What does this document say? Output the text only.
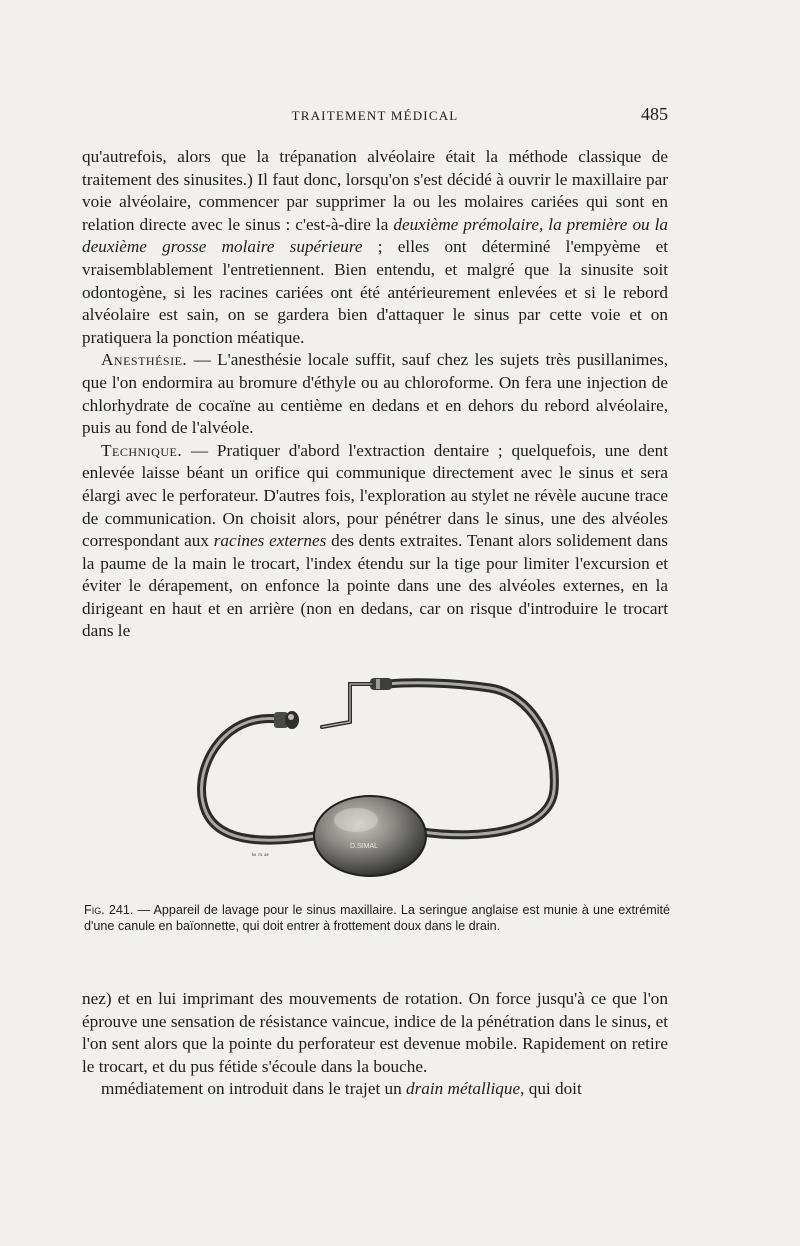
TRAITEMENT MÉDICAL	485

qu'autrefois, alors que la trépanation alvéolaire était la méthode classique de traitement des sinusites.) Il faut donc, lorsqu'on s'est décidé à ouvrir le maxillaire par voie alvéolaire, commencer par supprimer la ou les molaires cariées qui sont en relation directe avec le sinus : c'est-à-dire la deuxième prémolaire, la première ou la deuxième grosse molaire supérieure ; elles ont déterminé l'empyème et vraisemblablement l'entretiennent. Bien entendu, et malgré que la sinusite soit odontogène, si les racines cariées ont été antérieurement enlevées et si le rebord alvéolaire est sain, on se gardera bien d'attaquer le sinus par cette voie et on pratiquera la ponction méatique.

Anesthésie. — L'anesthésie locale suffit, sauf chez les sujets très pusillanimes, que l'on endormira au bromure d'éthyle ou au chloroforme. On fera une injection de chlorhydrate de cocaïne au centième en dedans et en dehors du rebord alvéolaire, puis au fond de l'alvéole.

Technique. — Pratiquer d'abord l'extraction dentaire ; quelquefois, une dent enlevée laisse béant un orifice qui communique directement avec le sinus et sera élargi avec le perforateur. D'autres fois, l'exploration au stylet ne révèle aucune trace de communication. On choisit alors, pour pénétrer dans le sinus, une des alvéoles correspondant aux racines externes des dents extraites. Tenant alors solidement dans la paume de la main le trocart, l'index étendu sur la tige pour limiter l'excursion et éviter le dérapement, on enfonce la pointe dans une des alvéoles externes, en la dirigeant en haut et en arrière (non en dedans, car on risque d'introduire le trocart dans le

D.SIMAL
ᵏˢ ʳˣ ᵃᵉ
Fig. 241. — Appareil de lavage pour le sinus maxillaire. La seringue anglaise est munie à une extrémité d'une canule en baïonnette, qui doit entrer à frottement doux dans le drain.

nez) et en lui imprimant des mouvements de rotation. On force jusqu'à ce que l'on éprouve une sensation de résistance vaincue, indice de la pénétration dans le sinus, et l'on sent alors que la pointe du perforateur est devenue mobile. Rapidement on retire le trocart, et du pus fétide s'écoule dans la bouche.

mmédiatement on introduit dans le trajet un drain métallique, qui doit
